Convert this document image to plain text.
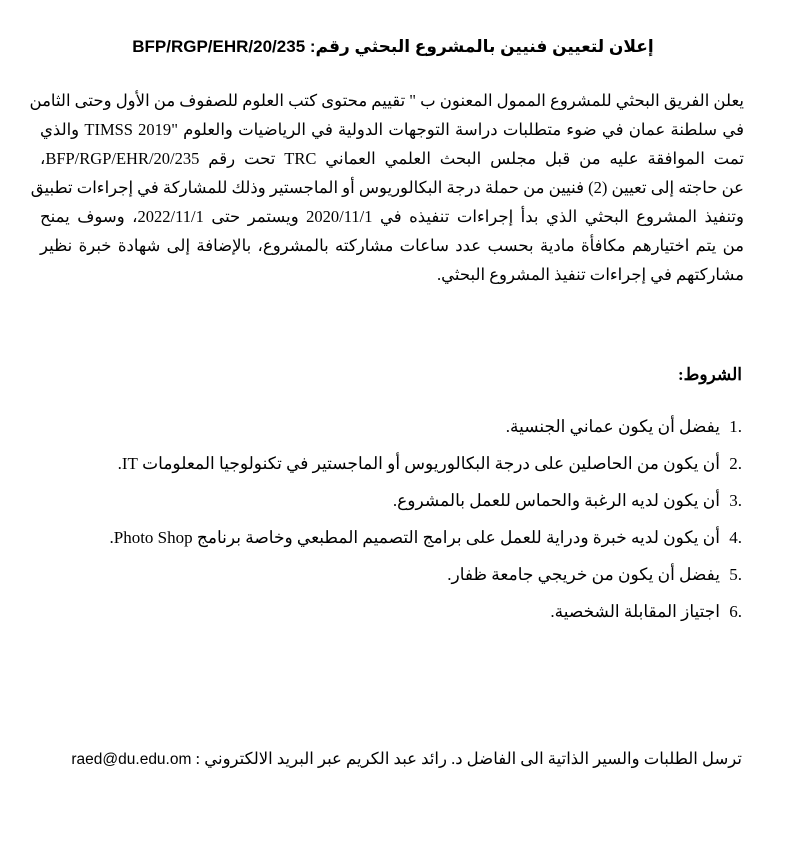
إعلان لتعيين فنيين بالمشروع البحثي رقم: BFP/RGP/EHR/20/235
يعلن الفريق البحثي للمشروع الممول المعنون ب " تقييم محتوى كتب العلوم للصفوف من الأول وحتى الثامن
في سلطنة عمان في ضوء متطلبات دراسة التوجهات الدولية في الرياضيات والعلوم "TIMSS 2019 والذي
تمت الموافقة عليه من قبل مجلس البحث العلمي العماني TRC تحت رقم BFP/RGP/EHR/20/235،
عن حاجته إلى تعيين (2) فنيين من حملة درجة البكالوريوس أو الماجستير وذلك للمشاركة في إجراءات تطبيق
وتنفيذ المشروع البحثي الذي بدأ إجراءات تنفيذه في 2020/11/1 ويستمر حتى 2022/11/1، وسوف يمنح
من يتم اختيارهم مكافأة مادية بحسب عدد ساعات مشاركته بالمشروع، بالإضافة إلى شهادة خبرة نظير
مشاركتهم في إجراءات تنفيذ المشروع البحثي.
الشروط:
1.
يفضل أن يكون عماني الجنسية.
2.
أن يكون من الحاصلين على درجة البكالوريوس أو الماجستير في تكنولوجيا المعلومات IT.
3.
أن يكون لديه الرغبة والحماس للعمل بالمشروع.
4.
أن يكون لديه خبرة ودراية للعمل على برامج التصميم المطبعي وخاصة برنامج Photo Shop.
5.
يفضل أن يكون من خريجي جامعة ظفار.
6.
اجتياز المقابلة الشخصية.

ترسل الطلبات والسير الذاتية الى الفاضل د. رائد عبد الكريم عبر البريد الالكتروني : raed@du.edu.om
